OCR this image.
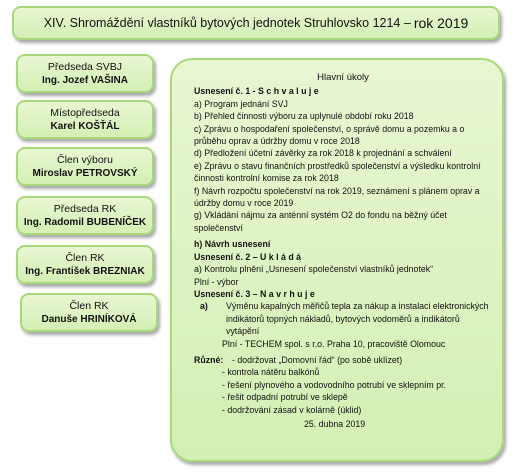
XIV. Shromáždění vlastníků bytových jednotek Struhlovsko 1214 – rok 2019
Předseda SVBJ
Ing. Jozef VAŠINA
Místopředseda
Karel KOŠŤÁL
Člen výboru
Miroslav PETROVSKÝ
Předseda RK
Ing. Radomil BUBENÍČEK
Člen RK
Ing. František BREZNIAK
Člen RK
Danuše HRINÍKOVÁ

Hlavní úkoly

Usnesení č. 1 - S c h v a l u j e

a) Program jednání SVJ

b) Přehled činnosti výboru za uplynulé období roku 2018

c) Zprávu o hospodaření společenství, o správě domu a pozemku a o průběhu oprav a údržby domu v roce 2018

d) Předložení účetní závěrky za rok 2018 k projednání a schválení

e) Zprávu o stavu finančních prostředků společenství a výsledku kontrolní činnosti kontrolní komise za rok 2018

f) Návrh rozpočtu společenství na rok 2019, seznámení s plánem oprav a údržby domu v roce 2019

g) Vkládání nájmu za anténní systém O2 do fondu na běžný účet společenství

h) Návrh usnesení

Usnesení č. 2 – U k l á d á

a) Kontrolu plnění „Usnesení společenství vlastníků jednotek“

Plní - výbor

Usnesení č. 3 – N a v r h u j e

a)	Výměnu kapalných měřičů tepla za nákup a instalaci elektronických indikátorů topných nákladů, bytových vodoměrů a indikátorů vytápění

Plní - TECHEM spol. s r.o. Praha 10, pracoviště Olomouc

Různé: - dodržovat „Domovní řád“ (po sobě uklízet)

- kontrola nátěru balkónů

- řešení plynového a vodovodního potrubí ve sklepním pr.

- řešit odpadní potrubí ve sklepě

- dodržování zásad v kolárně (úklid)

25. dubna 2019
